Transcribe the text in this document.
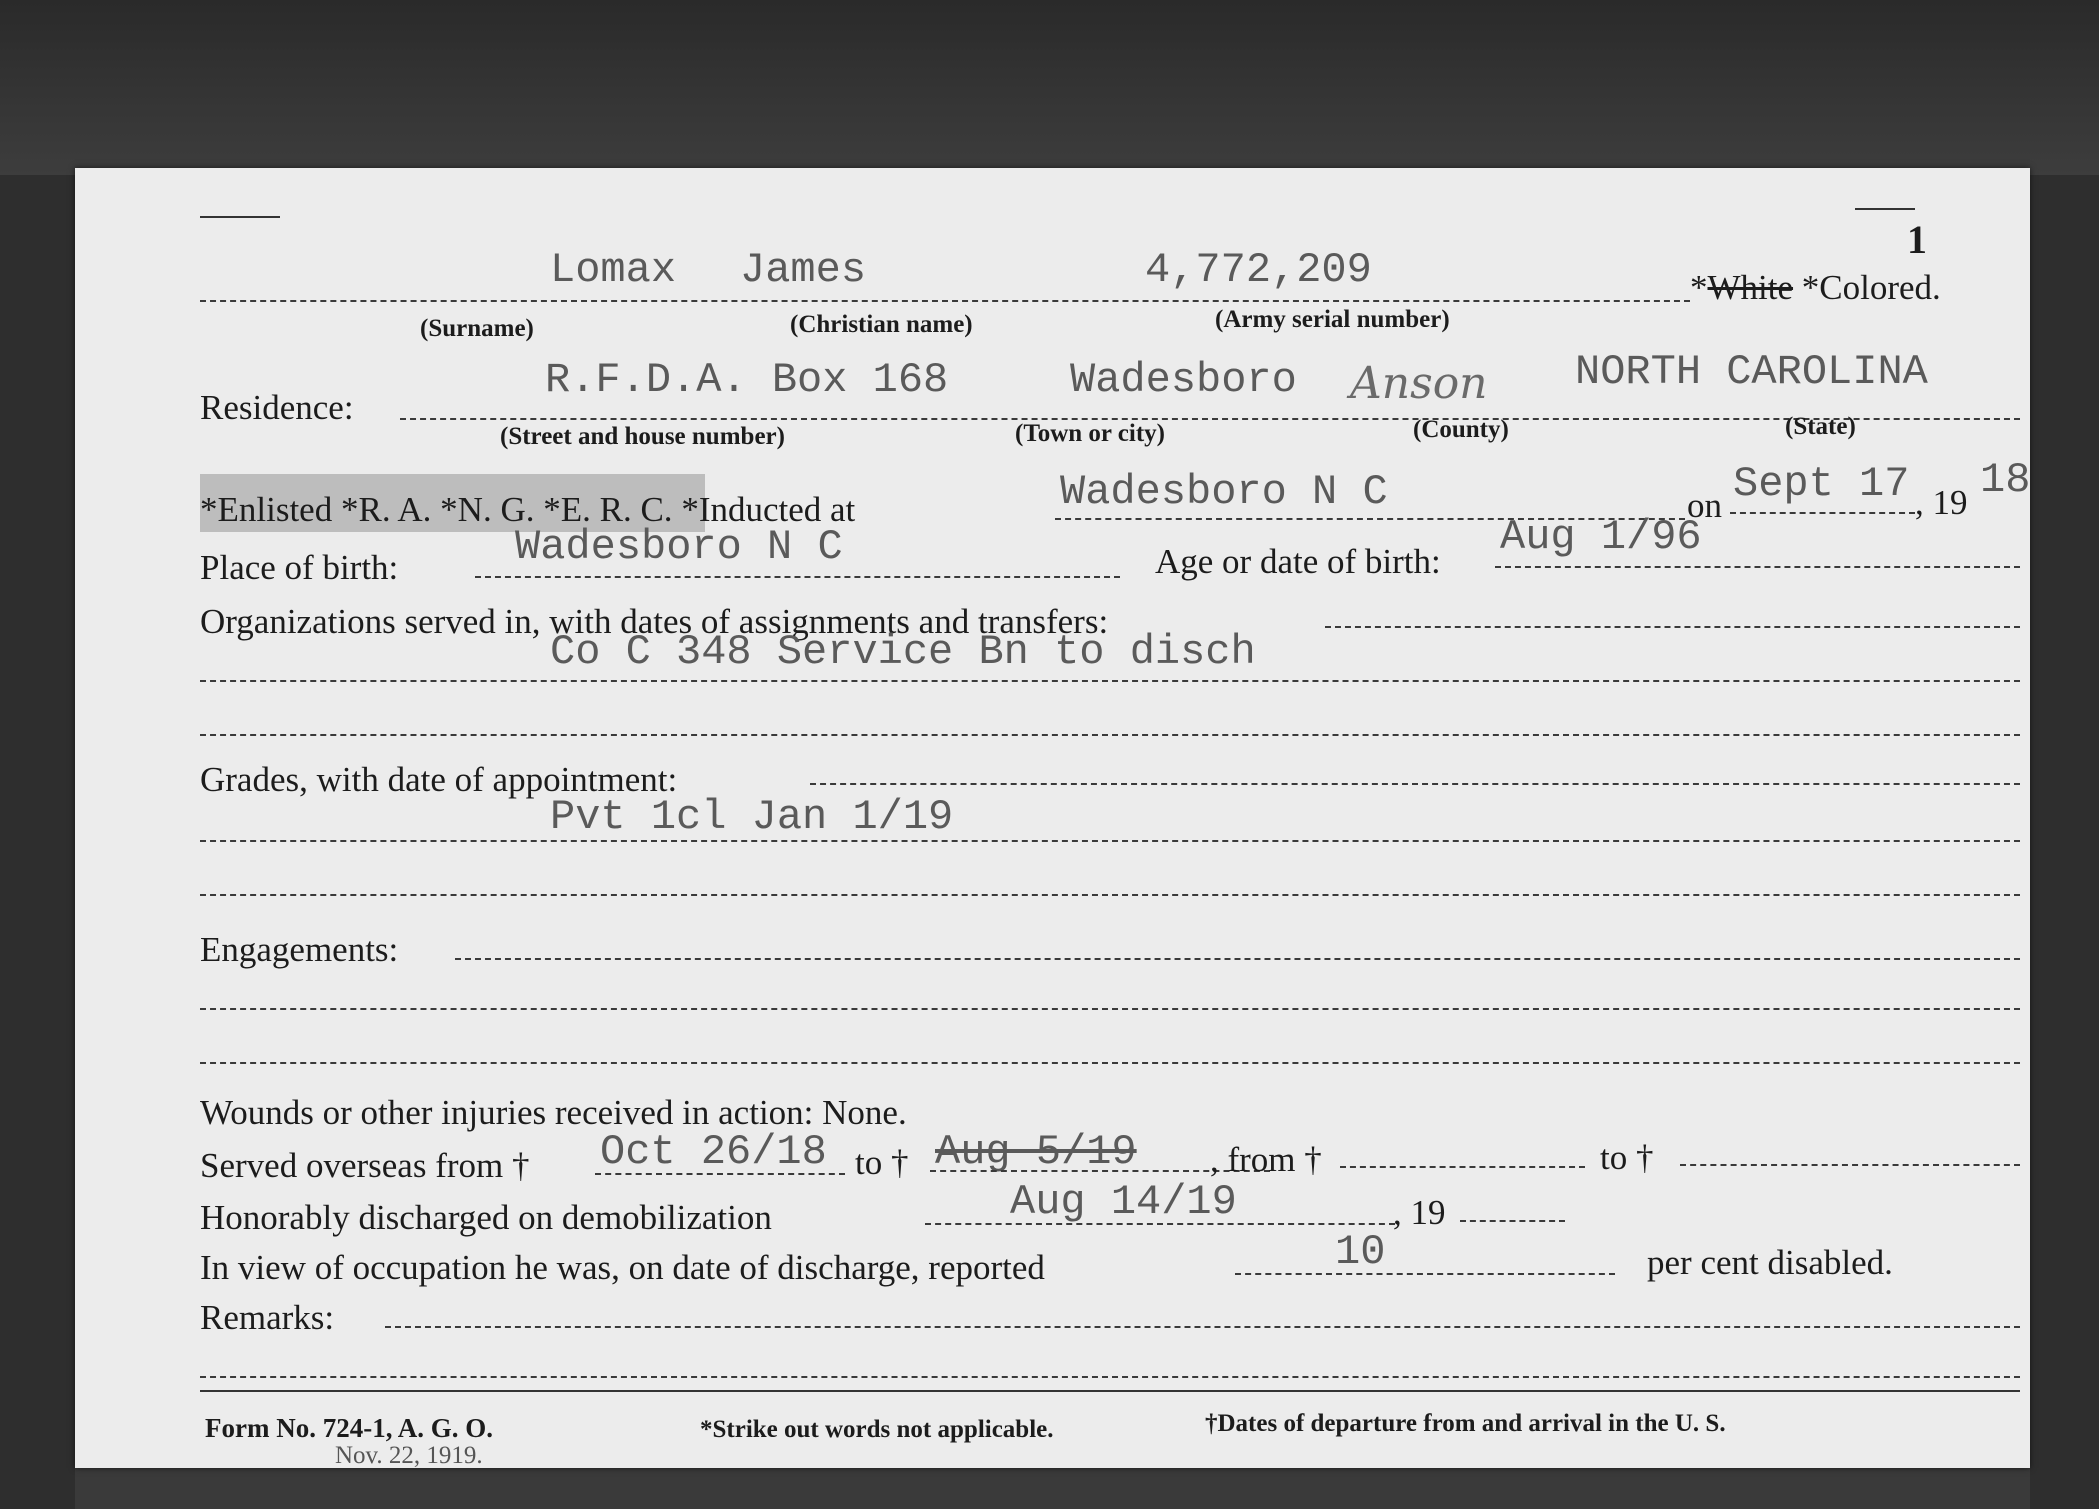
1
Lomax James	4,772,209	*White *Colored.
(Surname)	(Christian name)	(Army serial number)
Residence:
R.F.D.A. Box 168	Wadesboro Anson NORTH CAROLINA
(Street and house number)	(Town or city)	(County)	(State)
*Enlisted *R. A. *N. G. *E. R. C. *Inducted at	Wadesboro N C	on Sept 17 , 19 18
Place of birth:	Wadesboro N C	Age or date of birth:
Aug 1/96
Organizations served in, with dates of assignments and transfers:
Co C 348 Service Bn to disch
Grades, with date of appointment:
Pvt 1cl Jan 1/19
Engagements:
Wounds or other injuries received in action: None.
Served overseas from † Oct 26/18 to † Aug 5/19 , from †	to †
Honorably discharged on demobilization	Aug 14/19	, 19
In view of occupation he was, on date of discharge, reported	10	per cent disabled.
Remarks:
Form No. 724-1, A. G. O.
Nov. 22, 1919.
*Strike out words not applicable.	†Dates of departure from and arrival in the U. S.
